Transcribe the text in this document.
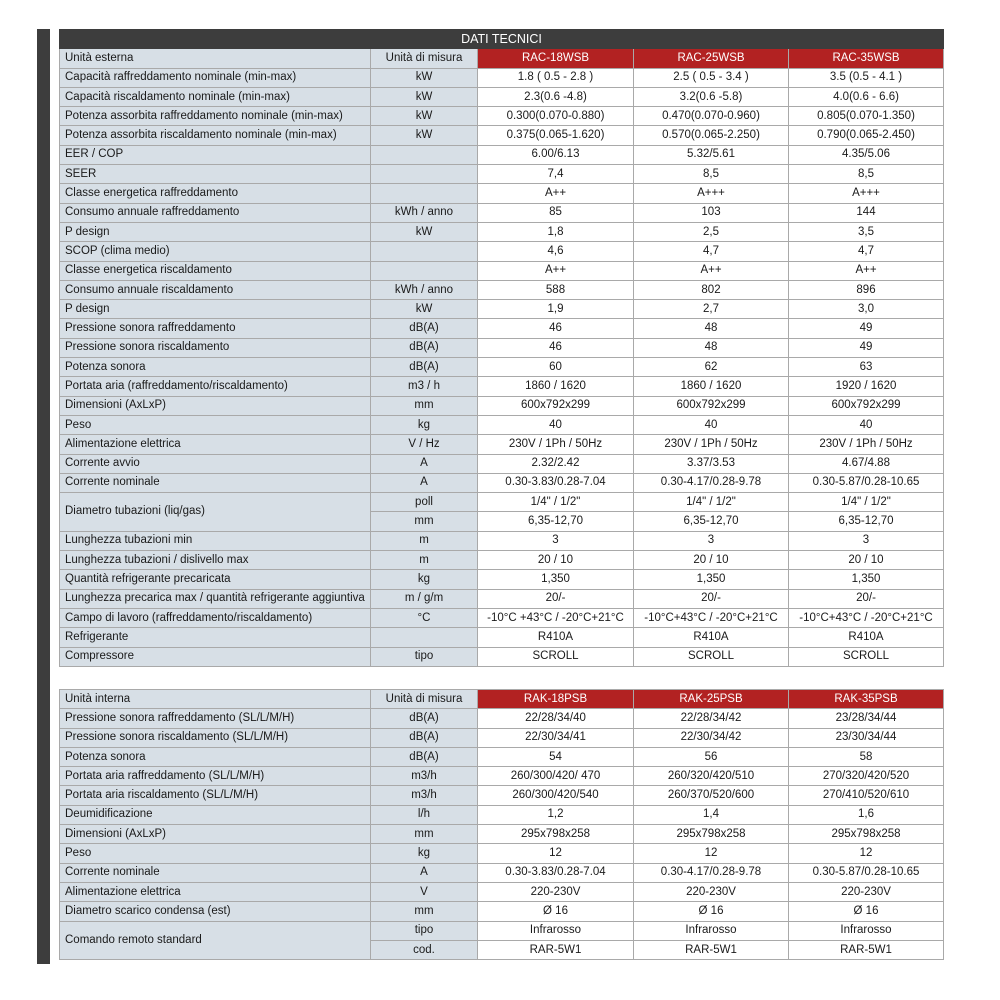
DATI TECNICI				
Unità esterna	Unità di misura	RAC-18WSB	RAC-25WSB	RAC-35WSB
Capacità raffreddamento nominale (min-max)	kW	1.8 ( 0.5 - 2.8 )	2.5 ( 0.5 - 3.4 )	3.5 (0.5 - 4.1 )
Capacità riscaldamento nominale (min-max)	kW	2.3(0.6 -4.8)	3.2(0.6 -5.8)	4.0(0.6 - 6.6)
Potenza assorbita raffreddamento nominale (min-max)	kW	0.300(0.070-0.880)	0.470(0.070-0.960)	0.805(0.070-1.350)
Potenza assorbita riscaldamento nominale (min-max)	kW	0.375(0.065-1.620)	0.570(0.065-2.250)	0.790(0.065-2.450)
EER / COP		6.00/6.13	5.32/5.61	4.35/5.06
SEER		7,4	8,5	8,5
Classe energetica raffreddamento		A++	A+++	A+++
Consumo annuale raffreddamento	kWh / anno	85	103	144
P design	kW	1,8	2,5	3,5
SCOP (clima medio)		4,6	4,7	4,7
Classe energetica riscaldamento		A++	A++	A++
Consumo annuale riscaldamento	kWh / anno	588	802	896
P design	kW	1,9	2,7	3,0
Pressione sonora raffreddamento	dB(A)	46	48	49
Pressione sonora riscaldamento	dB(A)	46	48	49
Potenza sonora	dB(A)	60	62	63
Portata aria (raffreddamento/riscaldamento)	m3 / h	1860 / 1620	1860 / 1620	1920 / 1620
Dimensioni (AxLxP)	mm	600x792x299	600x792x299	600x792x299
Peso	kg	40	40	40
Alimentazione elettrica	V / Hz	230V / 1Ph / 50Hz	230V / 1Ph / 50Hz	230V / 1Ph / 50Hz
Corrente avvio	A	2.32/2.42	3.37/3.53	4.67/4.88
Corrente nominale	A	0.30-3.83/0.28-7.04	0.30-4.17/0.28-9.78	0.30-5.87/0.28-10.65
Diametro tubazioni (liq/gas)	poll	1/4" / 1/2"	1/4" / 1/2"	1/4" / 1/2"
	mm	6,35-12,70	6,35-12,70	6,35-12,70
Lunghezza tubazioni min	m	3	3	3
Lunghezza tubazioni / dislivello max	m	20 / 10	20 / 10	20 / 10
Quantità refrigerante precaricata	kg	1,350	1,350	1,350
Lunghezza precarica max / quantità refrigerante aggiuntiva	m / g/m	20/-	20/-	20/-
Campo di lavoro (raffreddamento/riscaldamento)	°C	-10°C +43°C / -20°C+21°C	-10°C+43°C / -20°C+21°C	-10°C+43°C / -20°C+21°C
Refrigerante		R410A	R410A	R410A
Compressore	tipo	SCROLL	SCROLL	SCROLL
Unità interna	Unità di misura	RAK-18PSB	RAK-25PSB	RAK-35PSB
Pressione sonora raffreddamento (SL/L/M/H)	dB(A)	22/28/34/40	22/28/34/42	23/28/34/44
Pressione sonora riscaldamento (SL/L/M/H)	dB(A)	22/30/34/41	22/30/34/42	23/30/34/44
Potenza sonora	dB(A)	54	56	58
Portata aria raffreddamento (SL/L/M/H)	m3/h	260/300/420/ 470	260/320/420/510	270/320/420/520
Portata aria riscaldamento (SL/L/M/H)	m3/h	260/300/420/540	260/370/520/600	270/410/520/610
Deumidificazione	l/h	1,2	1,4	1,6
Dimensioni (AxLxP)	mm	295x798x258	295x798x258	295x798x258
Peso	kg	12	12	12
Corrente nominale	A	0.30-3.83/0.28-7.04	0.30-4.17/0.28-9.78	0.30-5.87/0.28-10.65
Alimentazione elettrica	V	220-230V	220-230V	220-230V
Diametro scarico condensa (est)	mm	Ø 16	Ø 16	Ø 16
Comando remoto standard	tipo	Infrarosso	Infrarosso	Infrarosso
	cod.	RAR-5W1	RAR-5W1	RAR-5W1
